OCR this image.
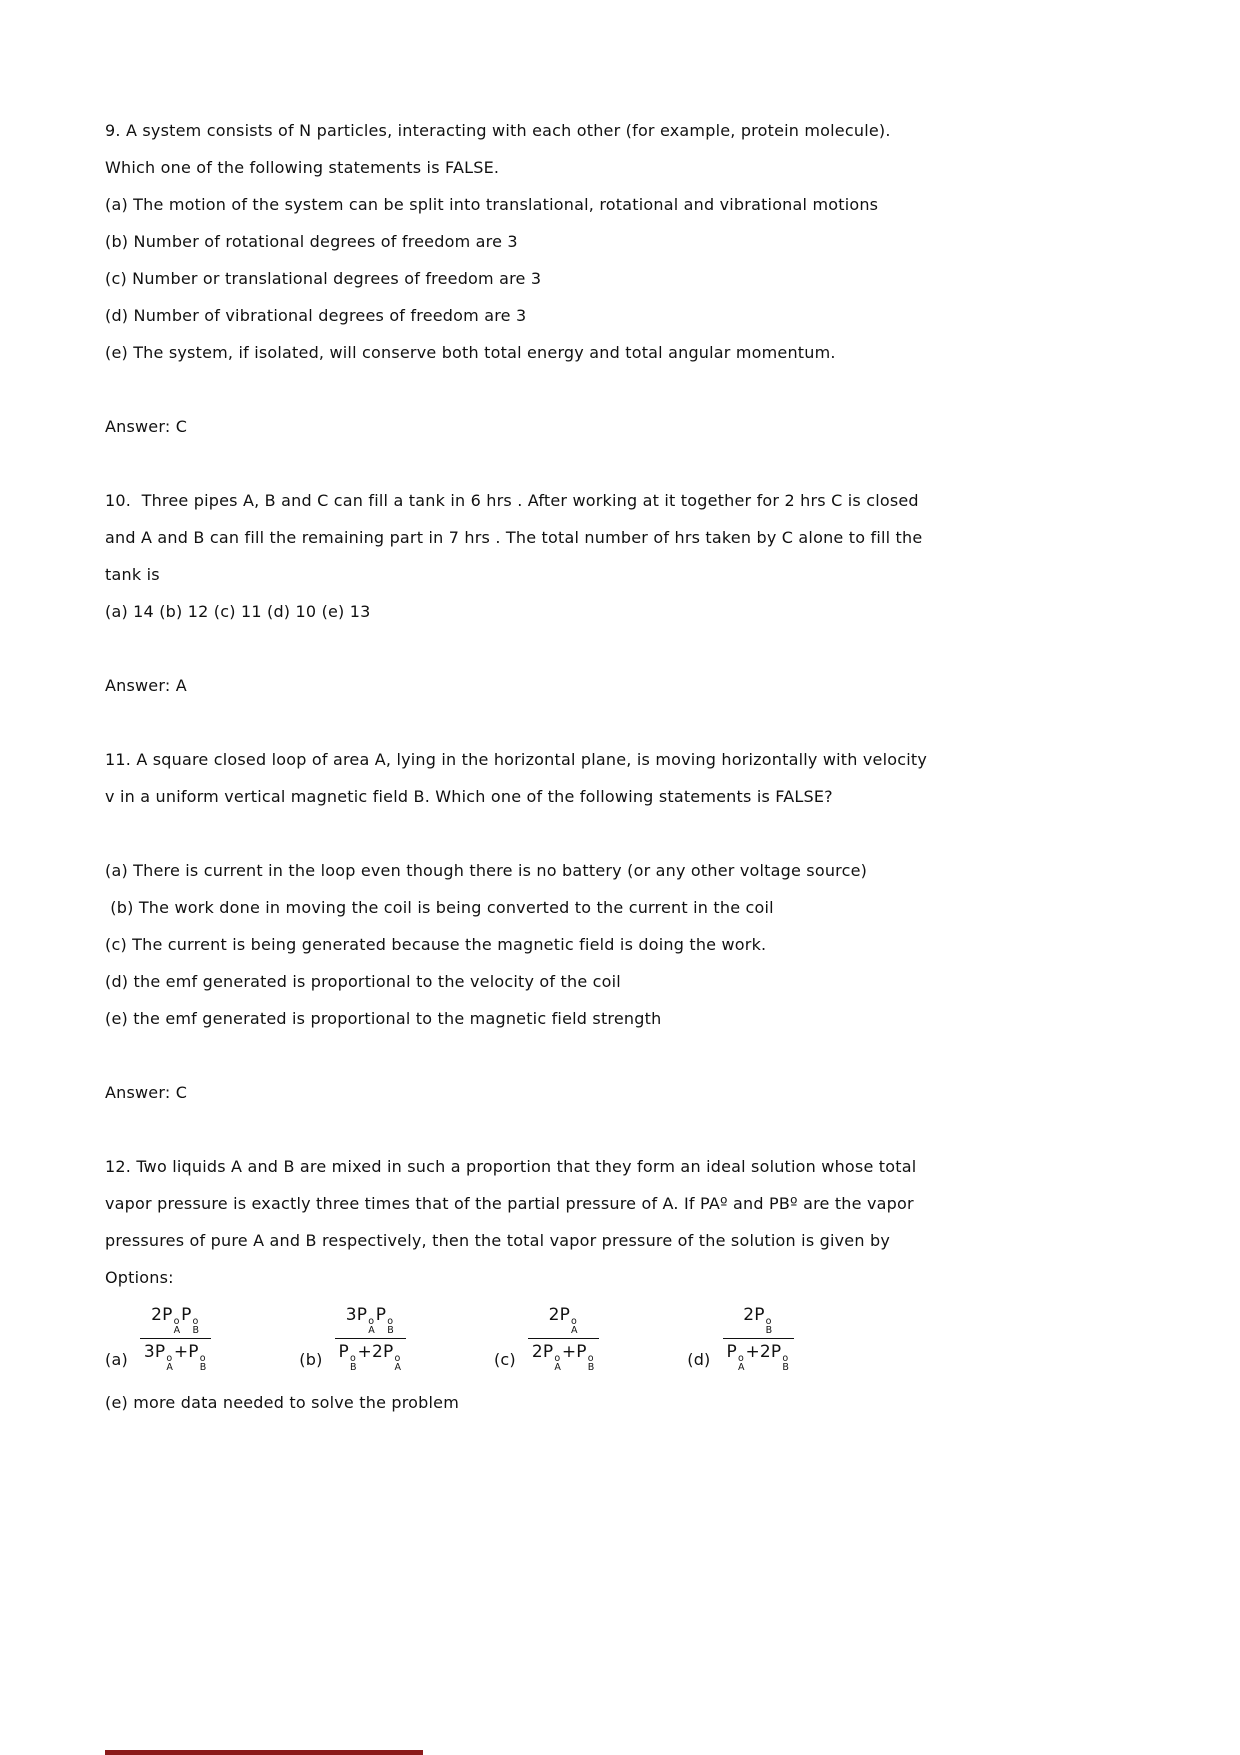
9. A system consists of N particles, interacting with each other (for example, protein molecule).

Which one of the following statements is FALSE.

(a) The motion of the system can be split into translational, rotational and vibrational motions

(b) Number of rotational degrees of freedom are 3

(c) Number or translational degrees of freedom are 3

(d) Number of vibrational degrees of freedom are 3

(e) The system, if isolated, will conserve both total energy and total angular momentum.

Answer: C

10.  Three pipes A, B and C can fill a tank in 6 hrs . After working at it together for 2 hrs C is closed

and A and B can fill the remaining part in 7 hrs . The total number of hrs taken by C alone to fill the

tank is

(a) 14 (b) 12 (c) 11 (d) 10 (e) 13

Answer: A

11. A square closed loop of area A, lying in the horizontal plane, is moving horizontally with velocity

v in a uniform vertical magnetic field B. Which one of the following statements is FALSE?

(a) There is current in the loop even though there is no battery (or any other voltage source)

(b) The work done in moving the coil is being converted to the current in the coil

(c) The current is being generated because the magnetic field is doing the work.

(d) the emf generated is proportional to the velocity of the coil

(e) the emf generated is proportional to the magnetic field strength

Answer: C

12. Two liquids A and B are mixed in such a proportion that they form an ideal solution whose total

vapor pressure is exactly three times that of the partial pressure of A. If PAº and PBº are the vapor

pressures of pure A and B respectively, then the total vapor pressure of the solution is given by

Options:

(a) 2P o
A
P o
B
3P o
A
+P o
B	(b) 3P o
A
P o
B
P o
B
+2P o
A	(c) 2P o
A
2P o
A
+P o
B	(d) 2P o
B
P o
A
+2P o
B

(e) more data needed to solve the problem
